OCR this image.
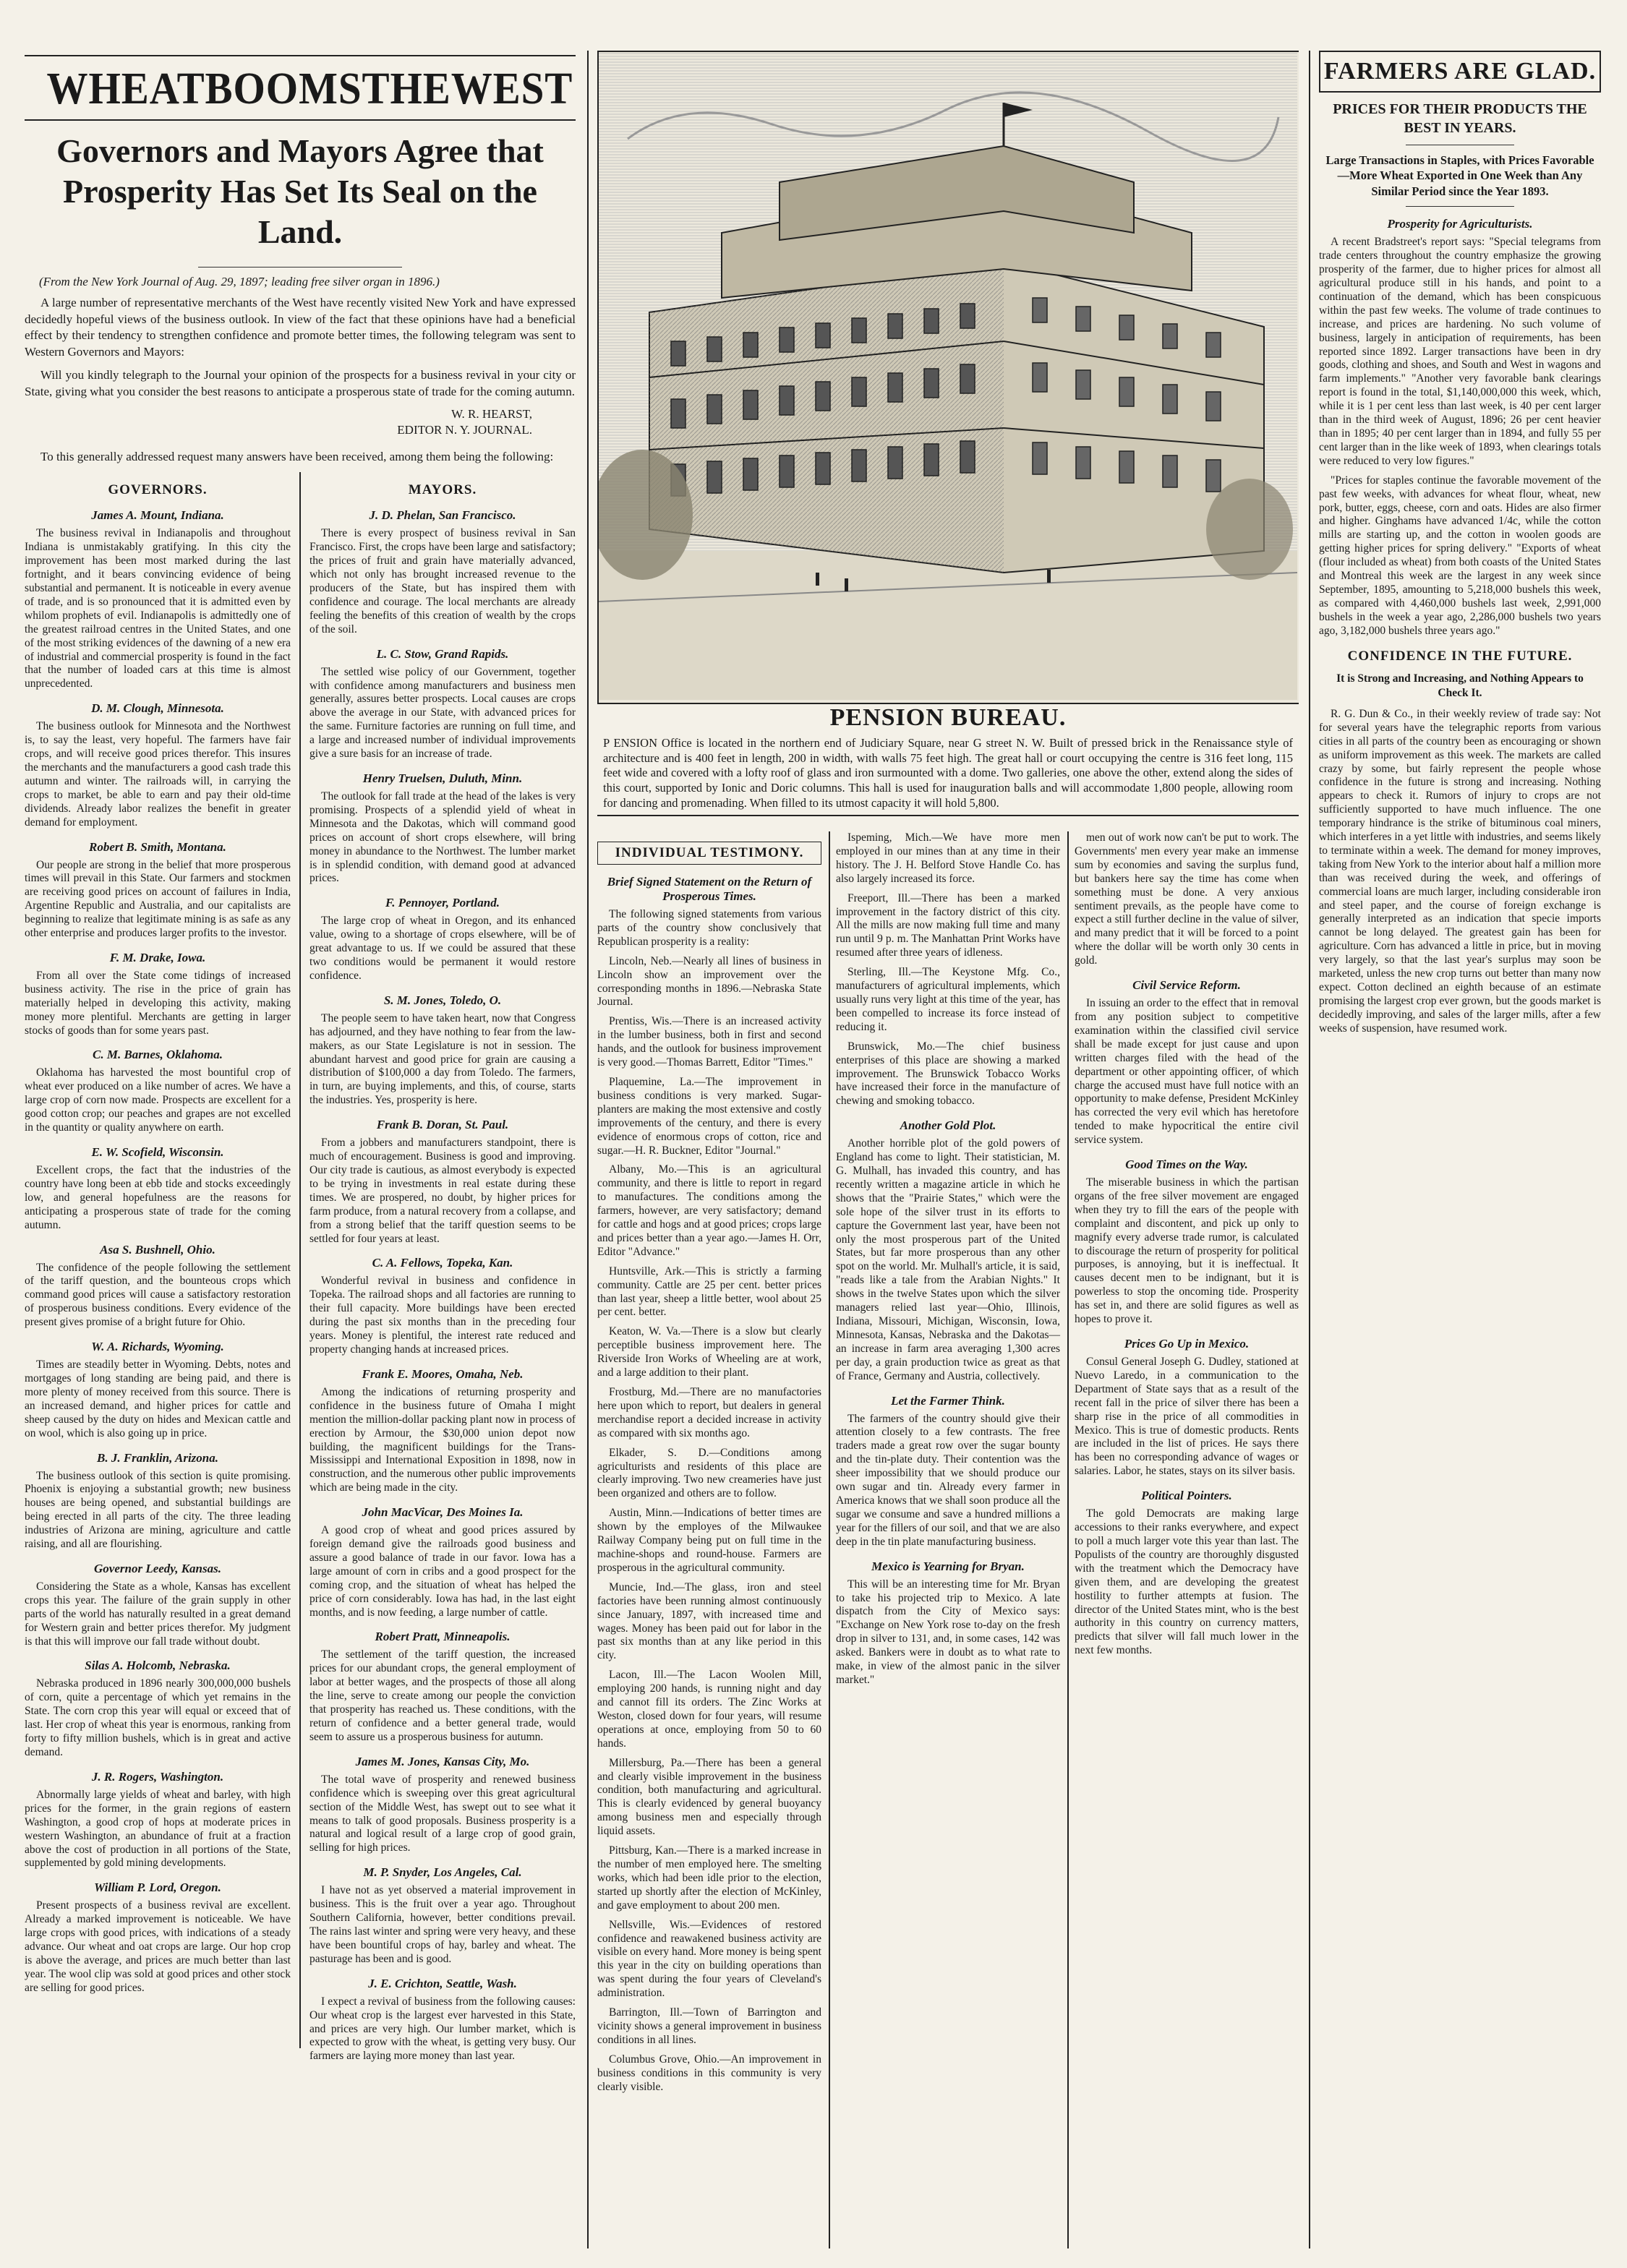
WHEATBOOMSTHEWEST
Governors and Mayors Agree that Prosperity Has Set Its Seal on the Land.
(From the New York Journal of Aug. 29, 1897; leading free silver organ in 1896.)

A large number of representative merchants of the West have recently visited New York and have expressed decidedly hopeful views of the business outlook. In view of the fact that these opinions have had a beneficial effect by their tendency to strengthen confidence and promote better times, the following telegram was sent to Western Governors and Mayors:

Will you kindly telegraph to the Journal your opinion of the prospects for a business revival in your city or State, giving what you consider the best reasons to anticipate a prosperous state of trade for the coming autumn.

W. R. HEARST,

EDITOR N. Y. JOURNAL.

To this generally addressed request many answers have been received, among them being the following:

GOVERNORS.
James A. Mount, Indiana.

The business revival in Indianapolis and throughout Indiana is unmistakably gratifying. In this city the improvement has been most marked during the last fortnight, and it bears convincing evidence of being substantial and permanent. It is noticeable in every avenue of trade, and is so pronounced that it is admitted even by whilom prophets of evil. Indianapolis is admittedly one of the greatest railroad centres in the United States, and one of the most striking evidences of the dawning of a new era of industrial and commercial prosperity is found in the fact that the number of loaded cars at this time is almost unprecedented.

D. M. Clough, Minnesota.

The business outlook for Minnesota and the Northwest is, to say the least, very hopeful. The farmers have fair crops, and will receive good prices therefor. This insures the merchants and the manufacturers a good cash trade this autumn and winter. The railroads will, in carrying the crops to market, be able to earn and pay their old-time dividends. Already labor realizes the benefit in greater demand for employment.

Robert B. Smith, Montana.

Our people are strong in the belief that more prosperous times will prevail in this State. Our farmers and stockmen are receiving good prices on account of failures in India, Argentine Republic and Australia, and our capitalists are beginning to realize that legitimate mining is as safe as any other enterprise and produces larger profits to the investor.

F. M. Drake, Iowa.

From all over the State come tidings of increased business activity. The rise in the price of grain has materially helped in developing this activity, making money more plentiful. Merchants are getting in larger stocks of goods than for some years past.

C. M. Barnes, Oklahoma.

Oklahoma has harvested the most bountiful crop of wheat ever produced on a like number of acres. We have a large crop of corn now made. Prospects are excellent for a good cotton crop; our peaches and grapes are not excelled in the quantity or quality anywhere on earth.

E. W. Scofield, Wisconsin.

Excellent crops, the fact that the industries of the country have long been at ebb tide and stocks exceedingly low, and general hopefulness are the reasons for anticipating a prosperous state of trade for the coming autumn.

Asa S. Bushnell, Ohio.

The confidence of the people following the settlement of the tariff question, and the bounteous crops which command good prices will cause a satisfactory restoration of prosperous business conditions. Every evidence of the present gives promise of a bright future for Ohio.

W. A. Richards, Wyoming.

Times are steadily better in Wyoming. Debts, notes and mortgages of long standing are being paid, and there is more plenty of money received from this source. There is an increased demand, and higher prices for cattle and sheep caused by the duty on hides and Mexican cattle and on wool, which is also going up in price.

B. J. Franklin, Arizona.

The business outlook of this section is quite promising. Phoenix is enjoying a substantial growth; new business houses are being opened, and substantial buildings are being erected in all parts of the city. The three leading industries of Arizona are mining, agriculture and cattle raising, and all are flourishing.

Governor Leedy, Kansas.

Considering the State as a whole, Kansas has excellent crops this year. The failure of the grain supply in other parts of the world has naturally resulted in a great demand for Western grain and better prices therefor. My judgment is that this will improve our fall trade without doubt.

Silas A. Holcomb, Nebraska.

Nebraska produced in 1896 nearly 300,000,000 bushels of corn, quite a percentage of which yet remains in the State. The corn crop this year will equal or exceed that of last. Her crop of wheat this year is enormous, ranking from forty to fifty million bushels, which is in great and active demand.

J. R. Rogers, Washington.

Abnormally large yields of wheat and barley, with high prices for the former, in the grain regions of eastern Washington, a good crop of hops at moderate prices in western Washington, an abundance of fruit at a fraction above the cost of production in all portions of the State, supplemented by gold mining developments.

William P. Lord, Oregon.

Present prospects of a business revival are excellent. Already a marked improvement is noticeable. We have large crops with good prices, with indications of a steady advance. Our wheat and oat crops are large. Our hop crop is above the average, and prices are much better than last year. The wool clip was sold at good prices and other stock are selling for good prices.

MAYORS.
J. D. Phelan, San Francisco.

There is every prospect of business revival in San Francisco. First, the crops have been large and satisfactory; the prices of fruit and grain have materially advanced, which not only has brought increased revenue to the producers of the State, but has inspired them with confidence and courage. The local merchants are already feeling the benefits of this creation of wealth by the crops of the soil.

L. C. Stow, Grand Rapids.

The settled wise policy of our Government, together with confidence among manufacturers and business men generally, assures better prospects. Local causes are crops above the average in our State, with advanced prices for the same. Furniture factories are running on full time, and a large and increased number of individual improvements give a sure basis for an increase of trade.

Henry Truelsen, Duluth, Minn.

The outlook for fall trade at the head of the lakes is very promising. Prospects of a splendid yield of wheat in Minnesota and the Dakotas, which will command good prices on account of short crops elsewhere, will bring money in abundance to the Northwest. The lumber market is in splendid condition, with demand good at advanced prices.

F. Pennoyer, Portland.

The large crop of wheat in Oregon, and its enhanced value, owing to a shortage of crops elsewhere, will be of great advantage to us. If we could be assured that these two conditions would be permanent it would restore confidence.

S. M. Jones, Toledo, O.

The people seem to have taken heart, now that Congress has adjourned, and they have nothing to fear from the law-makers, as our State Legislature is not in session. The abundant harvest and good price for grain are causing a distribution of $100,000 a day from Toledo. The farmers, in turn, are buying implements, and this, of course, starts the industries. Yes, prosperity is here.

Frank B. Doran, St. Paul.

From a jobbers and manufacturers standpoint, there is much of encouragement. Business is good and improving. Our city trade is cautious, as almost everybody is expected to be trying in investments in real estate during these times. We are prospered, no doubt, by higher prices for farm produce, from a natural recovery from a collapse, and from a strong belief that the tariff question seems to be settled for four years at least.

C. A. Fellows, Topeka, Kan.

Wonderful revival in business and confidence in Topeka. The railroad shops and all factories are running to their full capacity. More buildings have been erected during the past six months than in the preceding four years. Money is plentiful, the interest rate reduced and property changing hands at increased prices.

Frank E. Moores, Omaha, Neb.

Among the indications of returning prosperity and confidence in the business future of Omaha I might mention the million-dollar packing plant now in process of erection by Armour, the $30,000 union depot now building, the magnificent buildings for the Trans-Mississippi and International Exposition in 1898, now in construction, and the numerous other public improvements which are being made in the city.

John MacVicar, Des Moines Ia.

A good crop of wheat and good prices assured by foreign demand give the railroads good business and assure a good balance of trade in our favor. Iowa has a large amount of corn in cribs and a good prospect for the coming crop, and the situation of wheat has helped the price of corn considerably. Iowa has had, in the last eight months, and is now feeding, a large number of cattle.

Robert Pratt, Minneapolis.

The settlement of the tariff question, the increased prices for our abundant crops, the general employment of labor at better wages, and the prospects of those all along the line, serve to create among our people the conviction that prosperity has reached us. These conditions, with the return of confidence and a better general trade, would seem to assure us a prosperous business for autumn.

James M. Jones, Kansas City, Mo.

The total wave of prosperity and renewed business confidence which is sweeping over this great agricultural section of the Middle West, has swept out to see what it means to talk of good proposals. Business prosperity is a natural and logical result of a large crop of good grain, selling for high prices.

M. P. Snyder, Los Angeles, Cal.

I have not as yet observed a material improvement in business. This is the fruit over a year ago. Throughout Southern California, however, better conditions prevail. The rains last winter and spring were very heavy, and these have been bountiful crops of hay, barley and wheat. The pasturage has been and is good.

J. E. Crichton, Seattle, Wash.

I expect a revival of business from the following causes: Our wheat crop is the largest ever harvested in this State, and prices are very high. Our lumber market, which is expected to grow with the wheat, is getting very busy. Our farmers are laying more money than last year.

PENSION BUREAU.

P ENSION Office is located in the northern end of Judiciary Square, near G street N. W. Built of pressed brick in the Renaissance style of architecture and is 400 feet in length, 200 in width, with walls 75 feet high. The great hall or court occupying the centre is 316 feet long, 115 feet wide and covered with a lofty roof of glass and iron surmounted with a dome. Two galleries, one above the other, extend along the sides of this court, supported by Ionic and Doric columns. This hall is used for inauguration balls and will accommodate 1,800 people, allowing room for dancing and promenading. When filled to its utmost capacity it will hold 5,800.

INDIVIDUAL TESTIMONY.
Brief Signed Statement on the Return of Prosperous Times.

The following signed statements from various parts of the country show conclusively that Republican prosperity is a reality:

Lincoln, Neb.—Nearly all lines of business in Lincoln show an improvement over the corresponding months in 1896.—Nebraska State Journal.

Prentiss, Wis.—There is an increased activity in the lumber business, both in first and second hands, and the outlook for business improvement is very good.—Thomas Barrett, Editor "Times."

Plaquemine, La.—The improvement in business conditions is very marked. Sugar-planters are making the most extensive and costly improvements of the century, and there is every evidence of enormous crops of cotton, rice and sugar.—H. R. Buckner, Editor "Journal."

Albany, Mo.—This is an agricultural community, and there is little to report in regard to manufactures. The conditions among the farmers, however, are very satisfactory; demand for cattle and hogs and at good prices; crops large and prices better than a year ago.—James H. Orr, Editor "Advance."

Huntsville, Ark.—This is strictly a farming community. Cattle are 25 per cent. better prices than last year, sheep a little better, wool about 25 per cent. better.

Keaton, W. Va.—There is a slow but clearly perceptible business improvement here. The Riverside Iron Works of Wheeling are at work, and a large addition to their plant.

Frostburg, Md.—There are no manufactories here upon which to report, but dealers in general merchandise report a decided increase in activity as compared with six months ago.

Elkader, S. D.—Conditions among agriculturists and residents of this place are clearly improving. Two new creameries have just been organized and others are to follow.

Austin, Minn.—Indications of better times are shown by the employes of the Milwaukee Railway Company being put on full time in the machine-shops and round-house. Farmers are prosperous in the agricultural community.

Muncie, Ind.—The glass, iron and steel factories have been running almost continuously since January, 1897, with increased time and wages. Money has been paid out for labor in the past six months than at any like period in this city.

Lacon, Ill.—The Lacon Woolen Mill, employing 200 hands, is running night and day and cannot fill its orders. The Zinc Works at Weston, closed down for four years, will resume operations at once, employing from 50 to 60 hands.

Millersburg, Pa.—There has been a general and clearly visible improvement in the business condition, both manufacturing and agricultural. This is clearly evidenced by general buoyancy among business men and especially through liquid assets.

Pittsburg, Kan.—There is a marked increase in the number of men employed here. The smelting works, which had been idle prior to the election, started up shortly after the election of McKinley, and gave employment to about 200 men.

Nellsville, Wis.—Evidences of restored confidence and reawakened business activity are visible on every hand. More money is being spent this year in the city on building operations than was spent during the four years of Cleveland's administration.

Barrington, Ill.—Town of Barrington and vicinity shows a general improvement in business conditions in all lines.

Columbus Grove, Ohio.—An improvement in business conditions in this community is very clearly visible.

Ispeming, Mich.—We have more men employed in our mines than at any time in their history. The J. H. Belford Stove Handle Co. has also largely increased its force.

Freeport, Ill.—There has been a marked improvement in the factory district of this city. All the mills are now making full time and many run until 9 p. m. The Manhattan Print Works have resumed after three years of idleness.

Sterling, Ill.—The Keystone Mfg. Co., manufacturers of agricultural implements, which usually runs very light at this time of the year, has been compelled to increase its force instead of reducing it.

Brunswick, Mo.—The chief business enterprises of this place are showing a marked improvement. The Brunswick Tobacco Works have increased their force in the manufacture of chewing and smoking tobacco.

Another Gold Plot.

Another horrible plot of the gold powers of England has come to light. Their statistician, M. G. Mulhall, has invaded this country, and has recently written a magazine article in which he shows that the "Prairie States," which were the sole hope of the silver trust in its efforts to capture the Government last year, have been not only the most prosperous part of the United States, but far more prosperous than any other spot on the world. Mr. Mulhall's article, it is said, "reads like a tale from the Arabian Nights." It shows in the twelve States upon which the silver managers relied last year—Ohio, Illinois, Indiana, Missouri, Michigan, Wisconsin, Iowa, Minnesota, Kansas, Nebraska and the Dakotas—an increase in farm area averaging 1,300 acres per day, a grain production twice as great as that of France, Germany and Austria, collectively.

Let the Farmer Think.

The farmers of the country should give their attention closely to a few contrasts. The free traders made a great row over the sugar bounty and the tin-plate duty. Their contention was the sheer impossibility that we should produce our own sugar and tin. Already every farmer in America knows that we shall soon produce all the sugar we consume and save a hundred millions a year for the fillers of our soil, and that we are also deep in the tin plate manufacturing business.

Mexico is Yearning for Bryan.

This will be an interesting time for Mr. Bryan to take his projected trip to Mexico. A late dispatch from the City of Mexico says: "Exchange on New York rose to-day on the fresh drop in silver to 131, and, in some cases, 142 was asked. Bankers were in doubt as to what rate to make, in view of the almost panic in the silver market."

men out of work now can't be put to work. The Governments' men every year make an immense sum by economies and saving the surplus fund, but bankers here say the time has come when something must be done. A very anxious sentiment prevails, as the people have come to expect a still further decline in the value of silver, and many predict that it will be forced to a point where the dollar will be worth only 30 cents in gold.

Civil Service Reform.

In issuing an order to the effect that in removal from any position subject to competitive examination within the classified civil service shall be made except for just cause and upon written charges filed with the head of the department or other appointing officer, of which charge the accused must have full notice with an opportunity to make defense, President McKinley has corrected the very evil which has heretofore tended to make hypocritical the entire civil service system.

Good Times on the Way.

The miserable business in which the partisan organs of the free silver movement are engaged when they try to fill the ears of the people with complaint and discontent, and pick up only to magnify every adverse trade rumor, is calculated to discourage the return of prosperity for political purposes, is annoying, but it is ineffectual. It causes decent men to be indignant, but it is powerless to stop the oncoming tide. Prosperity has set in, and there are solid figures as well as hopes to prove it.

Prices Go Up in Mexico.

Consul General Joseph G. Dudley, stationed at Nuevo Laredo, in a communication to the Department of State says that as a result of the recent fall in the price of silver there has been a sharp rise in the price of all commodities in Mexico. This is true of domestic products. Rents are included in the list of prices. He says there has been no corresponding advance of wages or salaries. Labor, he states, stays on its silver basis.

Political Pointers.

The gold Democrats are making large accessions to their ranks everywhere, and expect to poll a much larger vote this year than last. The Populists of the country are thoroughly disgusted with the treatment which the Democracy have given them, and are developing the greatest hostility to further attempts at fusion. The director of the United States mint, who is the best authority in this country on currency matters, predicts that silver will fall much lower in the next few months.

FARMERS ARE GLAD.
PRICES FOR THEIR PRODUCTS THE BEST IN YEARS.
Large Transactions in Staples, with Prices Favorable—More Wheat Exported in One Week than Any Similar Period since the Year 1893.
Prosperity for Agriculturists.

A recent Bradstreet's report says: "Special telegrams from trade centers throughout the country emphasize the growing prosperity of the farmer, due to higher prices for almost all agricultural produce still in his hands, and point to a continuation of the demand, which has been conspicuous within the past few weeks. The volume of trade continues to increase, and prices are hardening. No such volume of business, largely in anticipation of requirements, has been reported since 1892. Larger transactions have been in dry goods, clothing and shoes, and South and West in wagons and farm implements." "Another very favorable bank clearings report is found in the total, $1,140,000,000 this week, which, while it is 1 per cent less than last week, is 40 per cent larger than in the third week of August, 1896; 26 per cent heavier than in 1895; 40 per cent larger than in 1894, and fully 55 per cent larger than in the like week of 1893, when clearings totals were reduced to very low figures."

"Prices for staples continue the favorable movement of the past few weeks, with advances for wheat flour, wheat, new pork, butter, eggs, cheese, corn and oats. Hides are also firmer and higher. Ginghams have advanced 1/4c, while the cotton mills are starting up, and the cotton in woolen goods are getting higher prices for spring delivery." "Exports of wheat (flour included as wheat) from both coasts of the United States and Montreal this week are the largest in any week since September, 1895, amounting to 5,218,000 bushels this week, as compared with 4,460,000 bushels last week, 2,991,000 bushels in the week a year ago, 2,286,000 bushels two years ago, 3,182,000 bushels three years ago."

CONFIDENCE IN THE FUTURE.
It is Strong and Increasing, and Nothing Appears to Check It.

R. G. Dun & Co., in their weekly review of trade say: Not for several years have the telegraphic reports from various cities in all parts of the country been as encouraging or shown as uniform improvement as this week. The markets are called crazy by some, but fairly represent the people whose confidence in the future is strong and increasing. Nothing appears to check it. Rumors of injury to crops are not sufficiently supported to have much influence. The one temporary hindrance is the strike of bituminous coal miners, which interferes in a yet little with industries, and seems likely to terminate within a week. The demand for money improves, taking from New York to the interior about half a million more than was received during the week, and offerings of commercial loans are much larger, including considerable iron and steel paper, and the course of foreign exchange is generally interpreted as an indication that specie imports cannot be long delayed. The greatest gain has been for agriculture. Corn has advanced a little in price, but in moving very largely, so that the last year's surplus may soon be marketed, unless the new crop turns out better than many now expect. Cotton declined an eighth because of an estimate promising the largest crop ever grown, but the goods market is decidedly improving, and sales of the larger mills, after a few weeks of suspension, have resumed work.
